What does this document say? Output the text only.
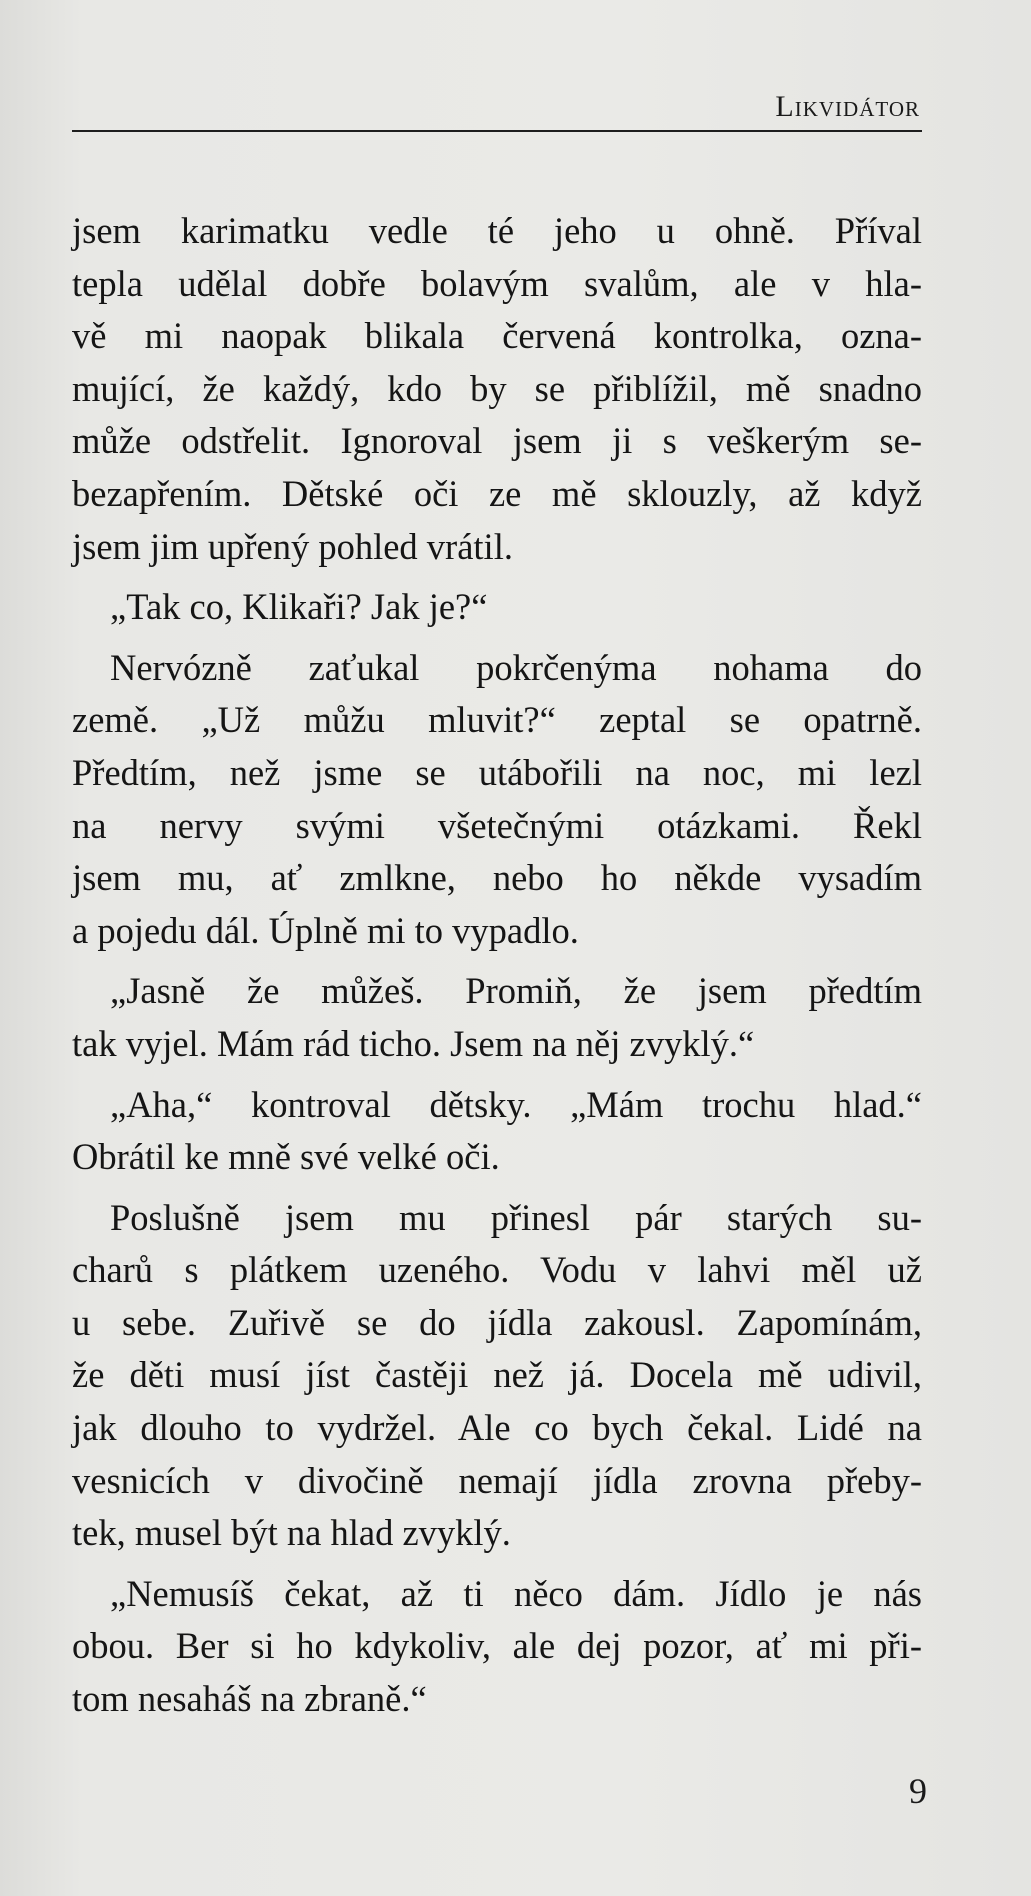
Likvidátor
jsem karimatku vedle té jeho u ohně. Příval
tepla udělal dobře bolavým svalům, ale v hla-
vě mi naopak blikala červená kontrolka, ozna-
mující, že každý, kdo by se přiblížil, mě snadno
může odstřelit. Ignoroval jsem ji s veškerým se-
bezapřením. Dětské oči ze mě sklouzly, až když
jsem jim upřený pohled vrátil.
„Tak co, Klikaři? Jak je?“
Nervózně zaťukal pokrčenýma nohama do
země. „Už můžu mluvit?“ zeptal se opatrně.
Předtím, než jsme se utábořili na noc, mi lezl
na nervy svými všetečnými otázkami. Řekl
jsem mu, ať zmlkne, nebo ho někde vysadím
a pojedu dál. Úplně mi to vypadlo.
„Jasně že můžeš. Promiň, že jsem předtím
tak vyjel. Mám rád ticho. Jsem na něj zvyklý.“
„Aha,“ kontroval dětsky. „Mám trochu hlad.“
Obrátil ke mně své velké oči.
Poslušně jsem mu přinesl pár starých su-
charů s plátkem uzeného. Vodu v lahvi měl už
u sebe. Zuřivě se do jídla zakousl. Zapomínám,
že děti musí jíst častěji než já. Docela mě udivil,
jak dlouho to vydržel. Ale co bych čekal. Lidé na
vesnicích v divočině nemají jídla zrovna přeby-
tek, musel být na hlad zvyklý.
„Nemusíš čekat, až ti něco dám. Jídlo je nás
obou. Ber si ho kdykoliv, ale dej pozor, ať mi při-
tom nesaháš na zbraně.“
9
